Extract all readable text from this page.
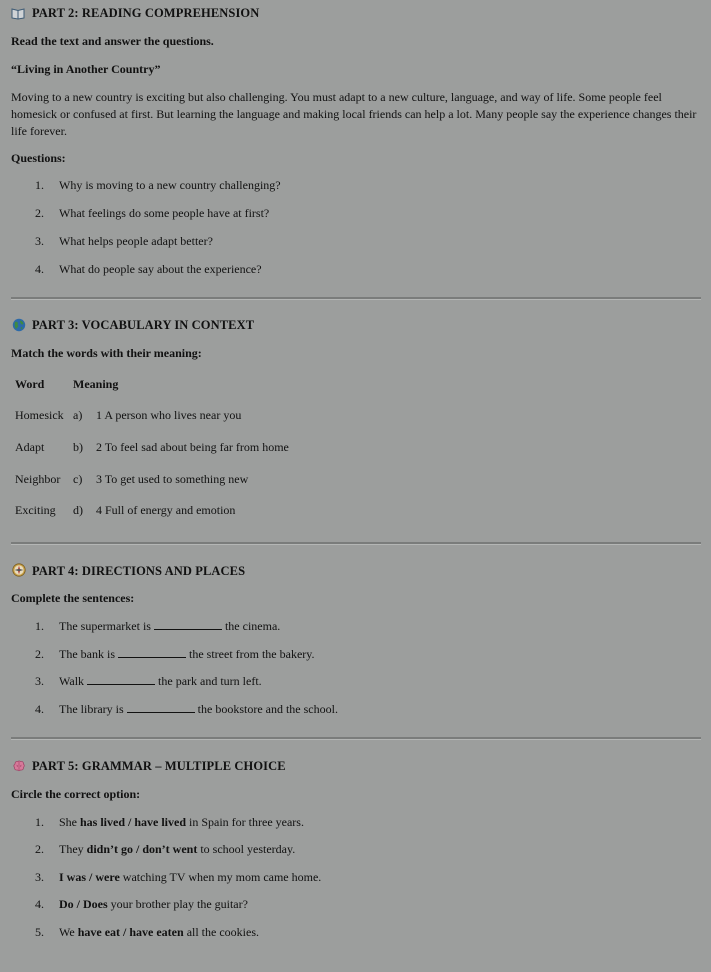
PART 2: READING COMPREHENSION
Read the text and answer the questions.
“Living in Another Country”
Moving to a new country is exciting but also challenging. You must adapt to a new culture, language, and way of life. Some people feel homesick or confused at first. But learning the language and making local friends can help a lot. Many people say the experience changes their life forever.
Questions:
1. Why is moving to a new country challenging?
2. What feelings do some people have at first?
3. What helps people adapt better?
4. What do people say about the experience?
PART 3: VOCABULARY IN CONTEXT
Match the words with their meaning:
Word Meaning
Homesick a) 1 A person who lives near you
Adapt b) 2 To feel sad about being far from home
Neighbor c) 3 To get used to something new
Exciting d) 4 Full of energy and emotion
PART 4: DIRECTIONS AND PLACES
Complete the sentences:
1. The supermarket is	the cinema.
2. The bank is	the street from the bakery.
3. Walk	the park and turn left.
4. The library is	the bookstore and the school.
PART 5: GRAMMAR – MULTIPLE CHOICE
Circle the correct option:
1. She has lived / have lived in Spain for three years.
2. They didn’t go / don’t went to school yesterday.
3. I was / were watching TV when my mom came home.
4. Do / Does your brother play the guitar?
5. We have eat / have eaten all the cookies.
